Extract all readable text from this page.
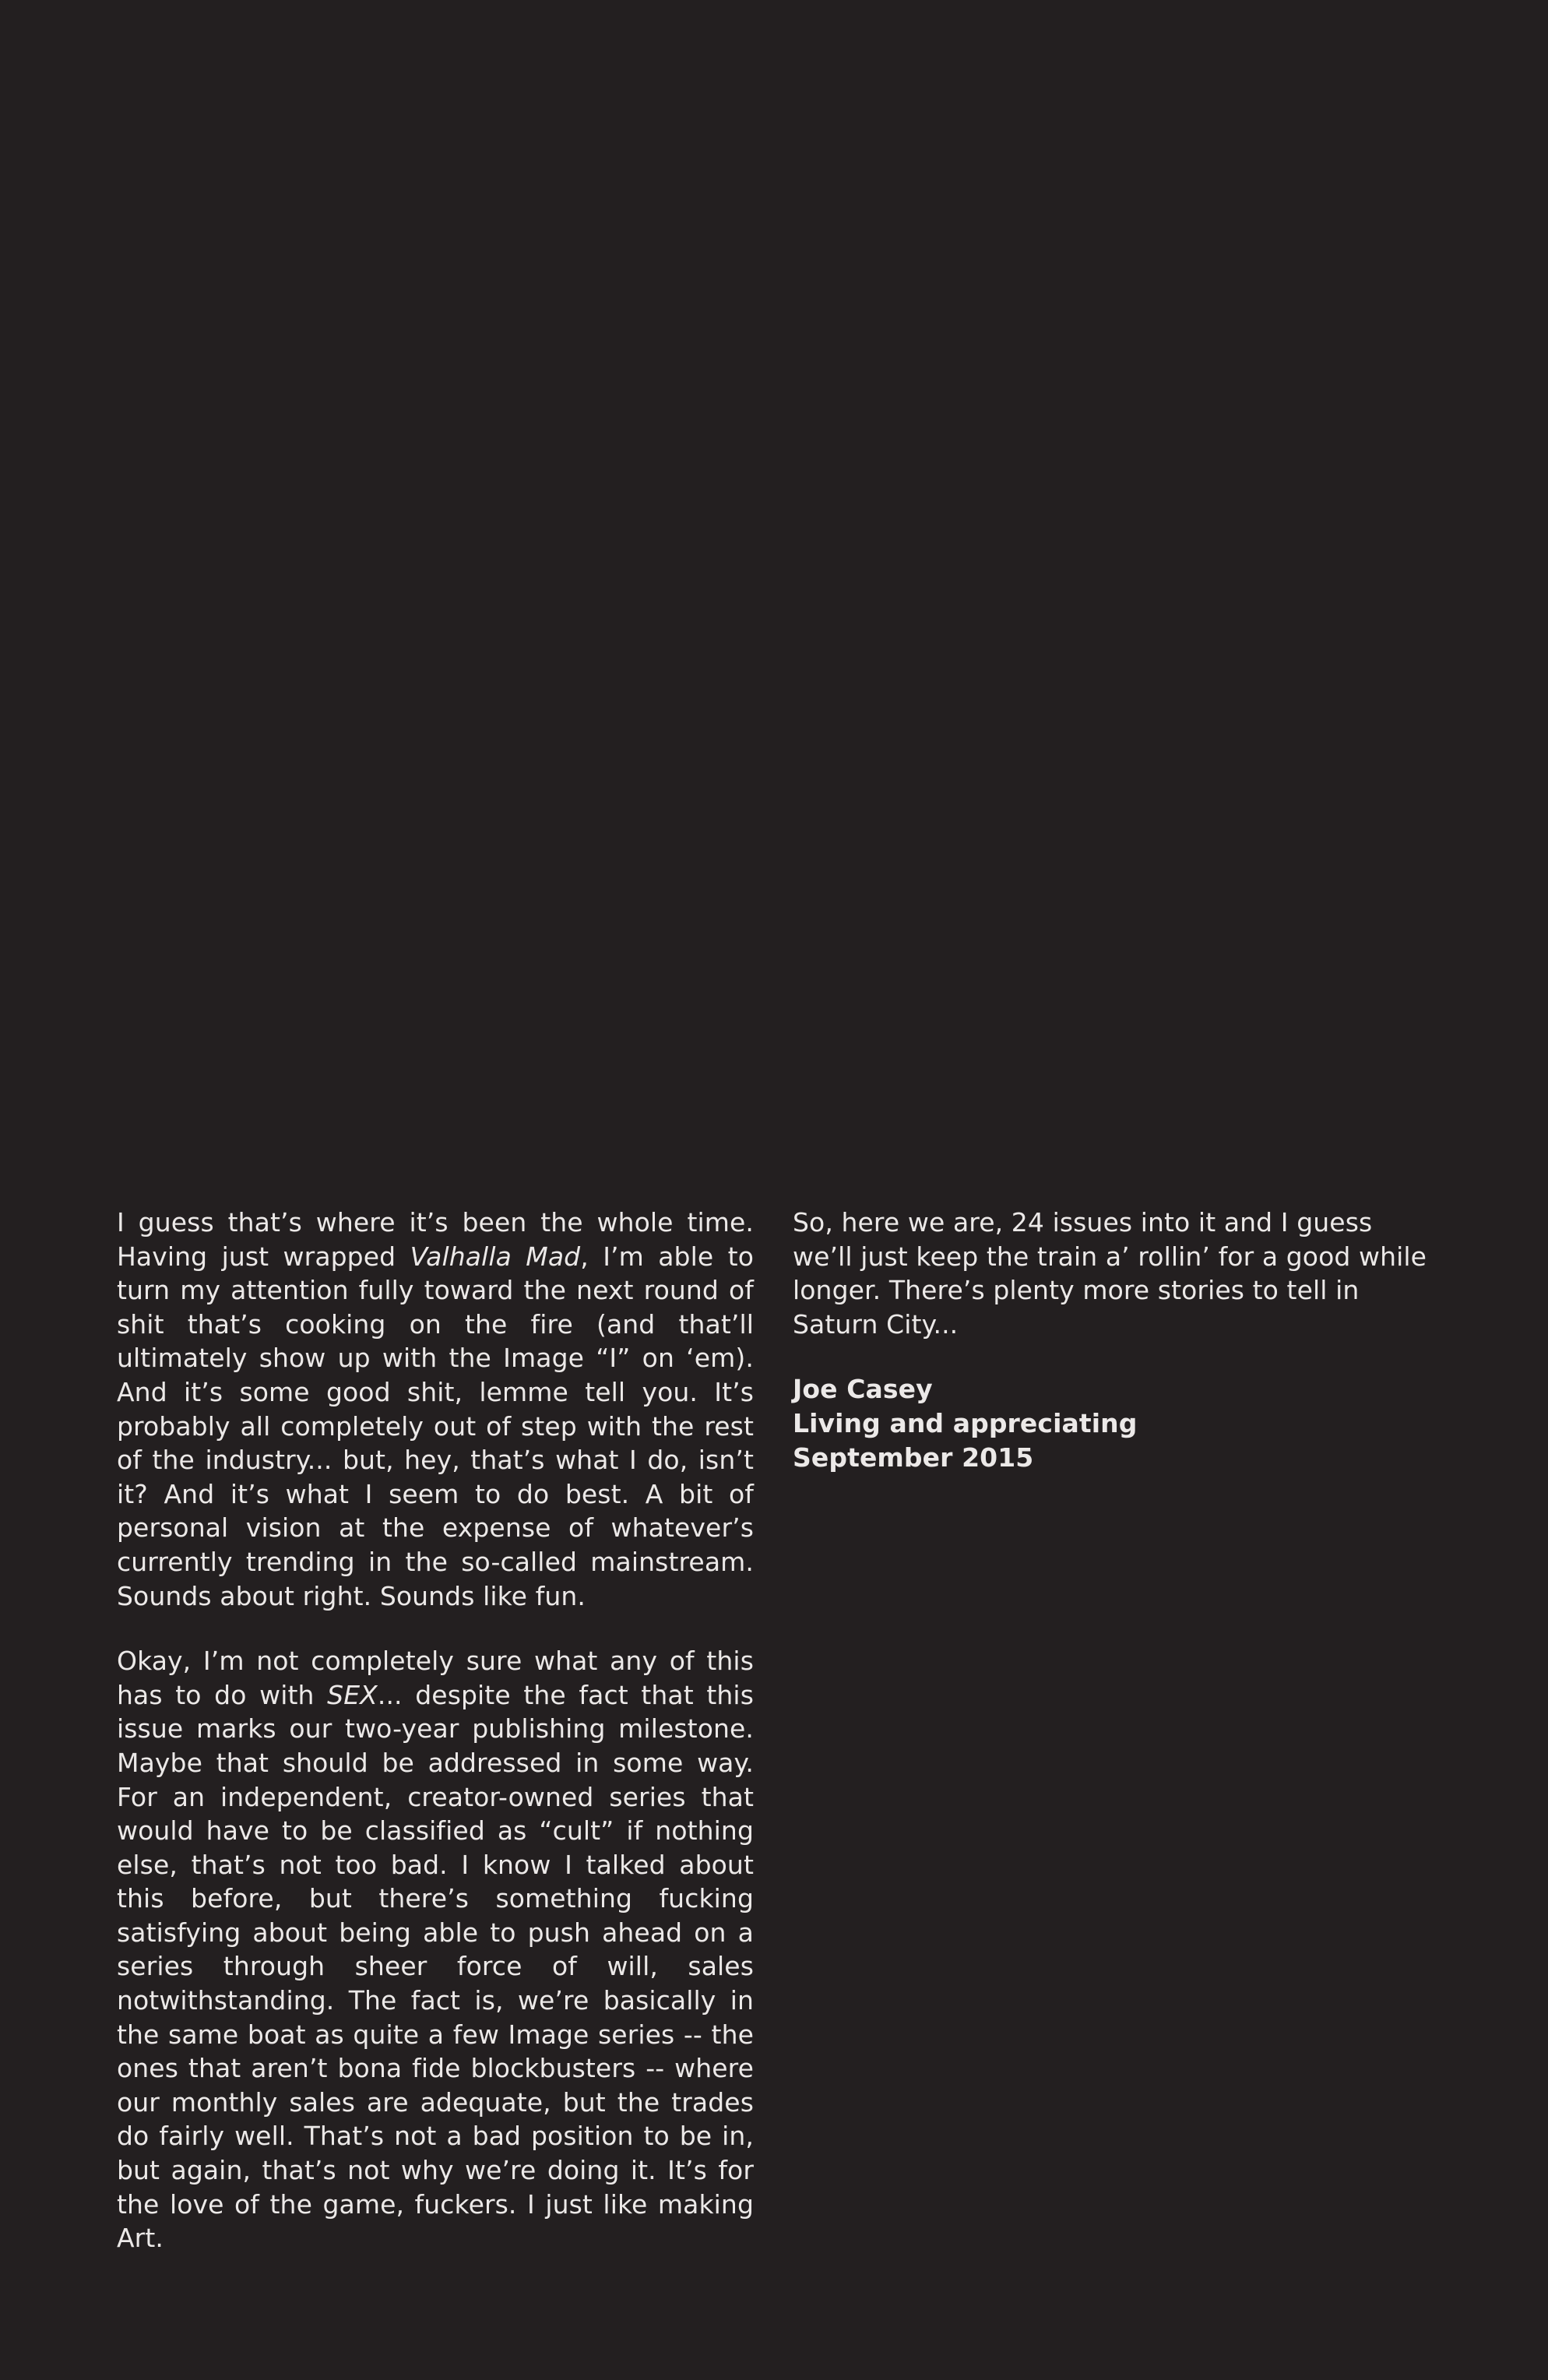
I guess that’s where it’s been the whole time. Having just wrapped Valhalla Mad, I’m able to turn my attention fully toward the next round of shit that’s cooking on the fire (and that’ll ultimately show up with the Image “I” on ‘em). And it’s some good shit, lemme tell you. It’s probably all completely out of step with the rest of the industry... but, hey, that’s what I do, isn’t it? And it’s what I seem to do best. A bit of personal vision at the expense of whatever’s currently trending in the so-called mainstream. Sounds about right. Sounds like fun.

Okay, I’m not completely sure what any of this has to do with SEX... despite the fact that this issue marks our two-year publishing milestone. Maybe that should be addressed in some way. For an independent, creator-owned series that would have to be classified as “cult” if nothing else, that’s not too bad. I know I talked about this before, but there’s something fucking satisfying about being able to push ahead on a series through sheer force of will, sales notwithstanding. The fact is, we’re basically in the same boat as quite a few Image series -- the ones that aren’t bona fide blockbusters -- where our monthly sales are adequate, but the trades do fairly well. That’s not a bad position to be in, but again, that’s not why we’re doing it. It’s for the love of the game, fuckers. I just like making Art.

So, here we are, 24 issues into it and I guess we’ll just keep the train a’ rollin’ for a good while longer. There’s plenty more stories to tell in Saturn City...

Joe Casey
Living and appreciating
September 2015
